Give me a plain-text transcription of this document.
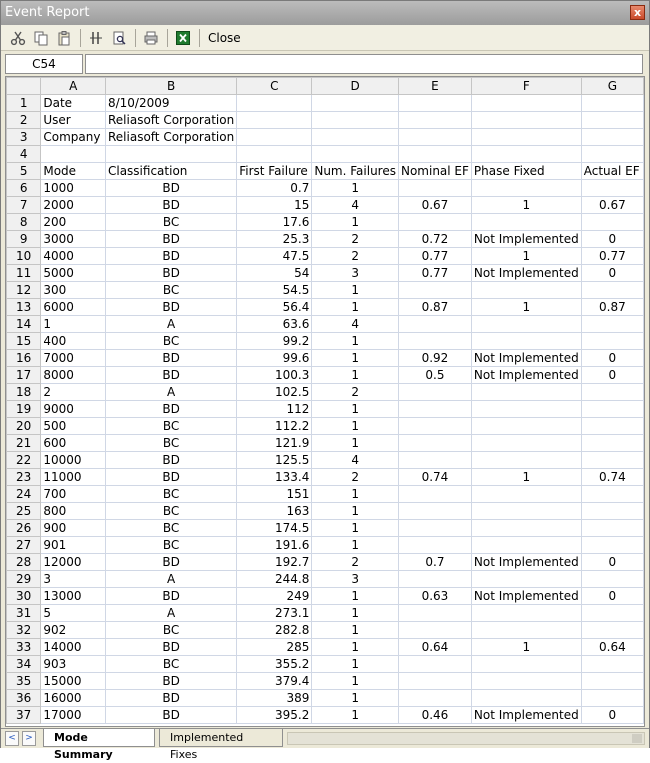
Event Report	x
Close
C54
	A	B	C	D	E	F	G
1	Date	8/10/2009					
2	User	Reliasoft Corporation					
3	Company	Reliasoft Corporation					
4							
5	Mode	Classification	First Failure	Num. Failures	Nominal EF	Phase Fixed	Actual EF
6	1000	BD	0.7	1			
7	2000	BD	15	4	0.67	1	0.67
8	200	BC	17.6	1			
9	3000	BD	25.3	2	0.72	Not Implemented	0
10	4000	BD	47.5	2	0.77	1	0.77
11	5000	BD	54	3	0.77	Not Implemented	0
12	300	BC	54.5	1			
13	6000	BD	56.4	1	0.87	1	0.87
14	1	A	63.6	4			
15	400	BC	99.2	1			
16	7000	BD	99.6	1	0.92	Not Implemented	0
17	8000	BD	100.3	1	0.5	Not Implemented	0
18	2	A	102.5	2			
19	9000	BD	112	1			
20	500	BC	112.2	1			
21	600	BC	121.9	1			
22	10000	BD	125.5	4			
23	11000	BD	133.4	2	0.74	1	0.74
24	700	BC	151	1			
25	800	BC	163	1			
26	900	BC	174.5	1			
27	901	BC	191.6	1			
28	12000	BD	192.7	2	0.7	Not Implemented	0
29	3	A	244.8	3			
30	13000	BD	249	1	0.63	Not Implemented	0
31	5	A	273.1	1			
32	902	BC	282.8	1			
33	14000	BD	285	1	0.64	1	0.64
34	903	BC	355.2	1			
35	15000	BD	379.4	1			
36	16000	BD	389	1			
37	17000	BD	395.2	1	0.46	Not Implemented	0
<	>	Mode Summary
Implemented Fixes
